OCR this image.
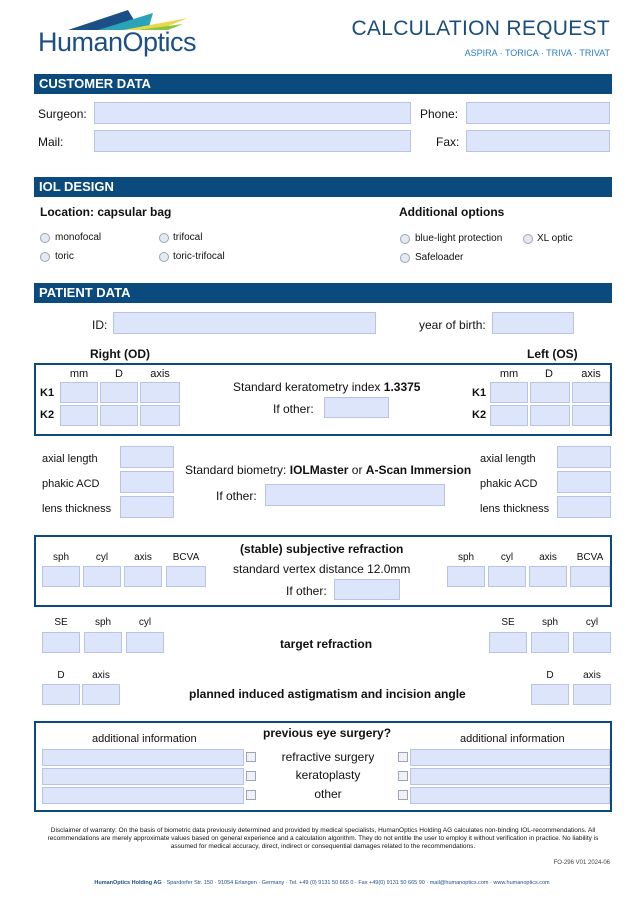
HumanOptics	CALCULATION REQUEST
ASPIRA · TORICA · TRIVA · TRIVAT
CUSTOMER DATA
Surgeon:	Phone:
Mail:	Fax:
IOL DESIGN
Location: capsular bag	Additional options
monofocal	trifocal
toric	toric-trifocal
blue-light protection	XL optic
Safeloader
PATIENT DATA
ID:	year of birth:
Right (OD)	Left (OS)
mm	D	axis
K1
K2
Standard keratometry index 1.3375
If other:
mm	D	axis
K1
K2
axial length
phakic ACD
lens thickness
Standard biometry: IOLMaster or A-Scan Immersion
If other:
axial length
phakic ACD
lens thickness
sph	cyl	axis	BCVA
(stable) subjective refraction
standard vertex distance 12.0mm
If other:
sph	cyl	axis	BCVA
SE	sph	cyl
target refraction
SE	sph	cyl
D	axis
planned induced astigmatism and incision angle
D	axis
previous eye surgery?
additional information	additional information
refractive surgery
keratoplasty
other
Disclaimer of warranty: On the basis of biometric data previously determined and provided by medical specialists, HumanOptics Holding AG calculates non-binding IOL-recommendations. All recommendations are merely approximate values based on general experience and a calculation algorithm. They do not entitle the user to employ it without verification in practice. No liability is assumed for medical accuracy, direct, indirect or consequential damages related to the recommendations.
FO-296 V01 2024-06
HumanOptics Holding AG · Spardorfer Str. 150 · 91054 Erlangen · Germany · Tel. +49 (0) 9131 50 665 0 · Fax +49(0) 9131 50 665 90 · mail@humanoptics.com · www.humanoptics.com
